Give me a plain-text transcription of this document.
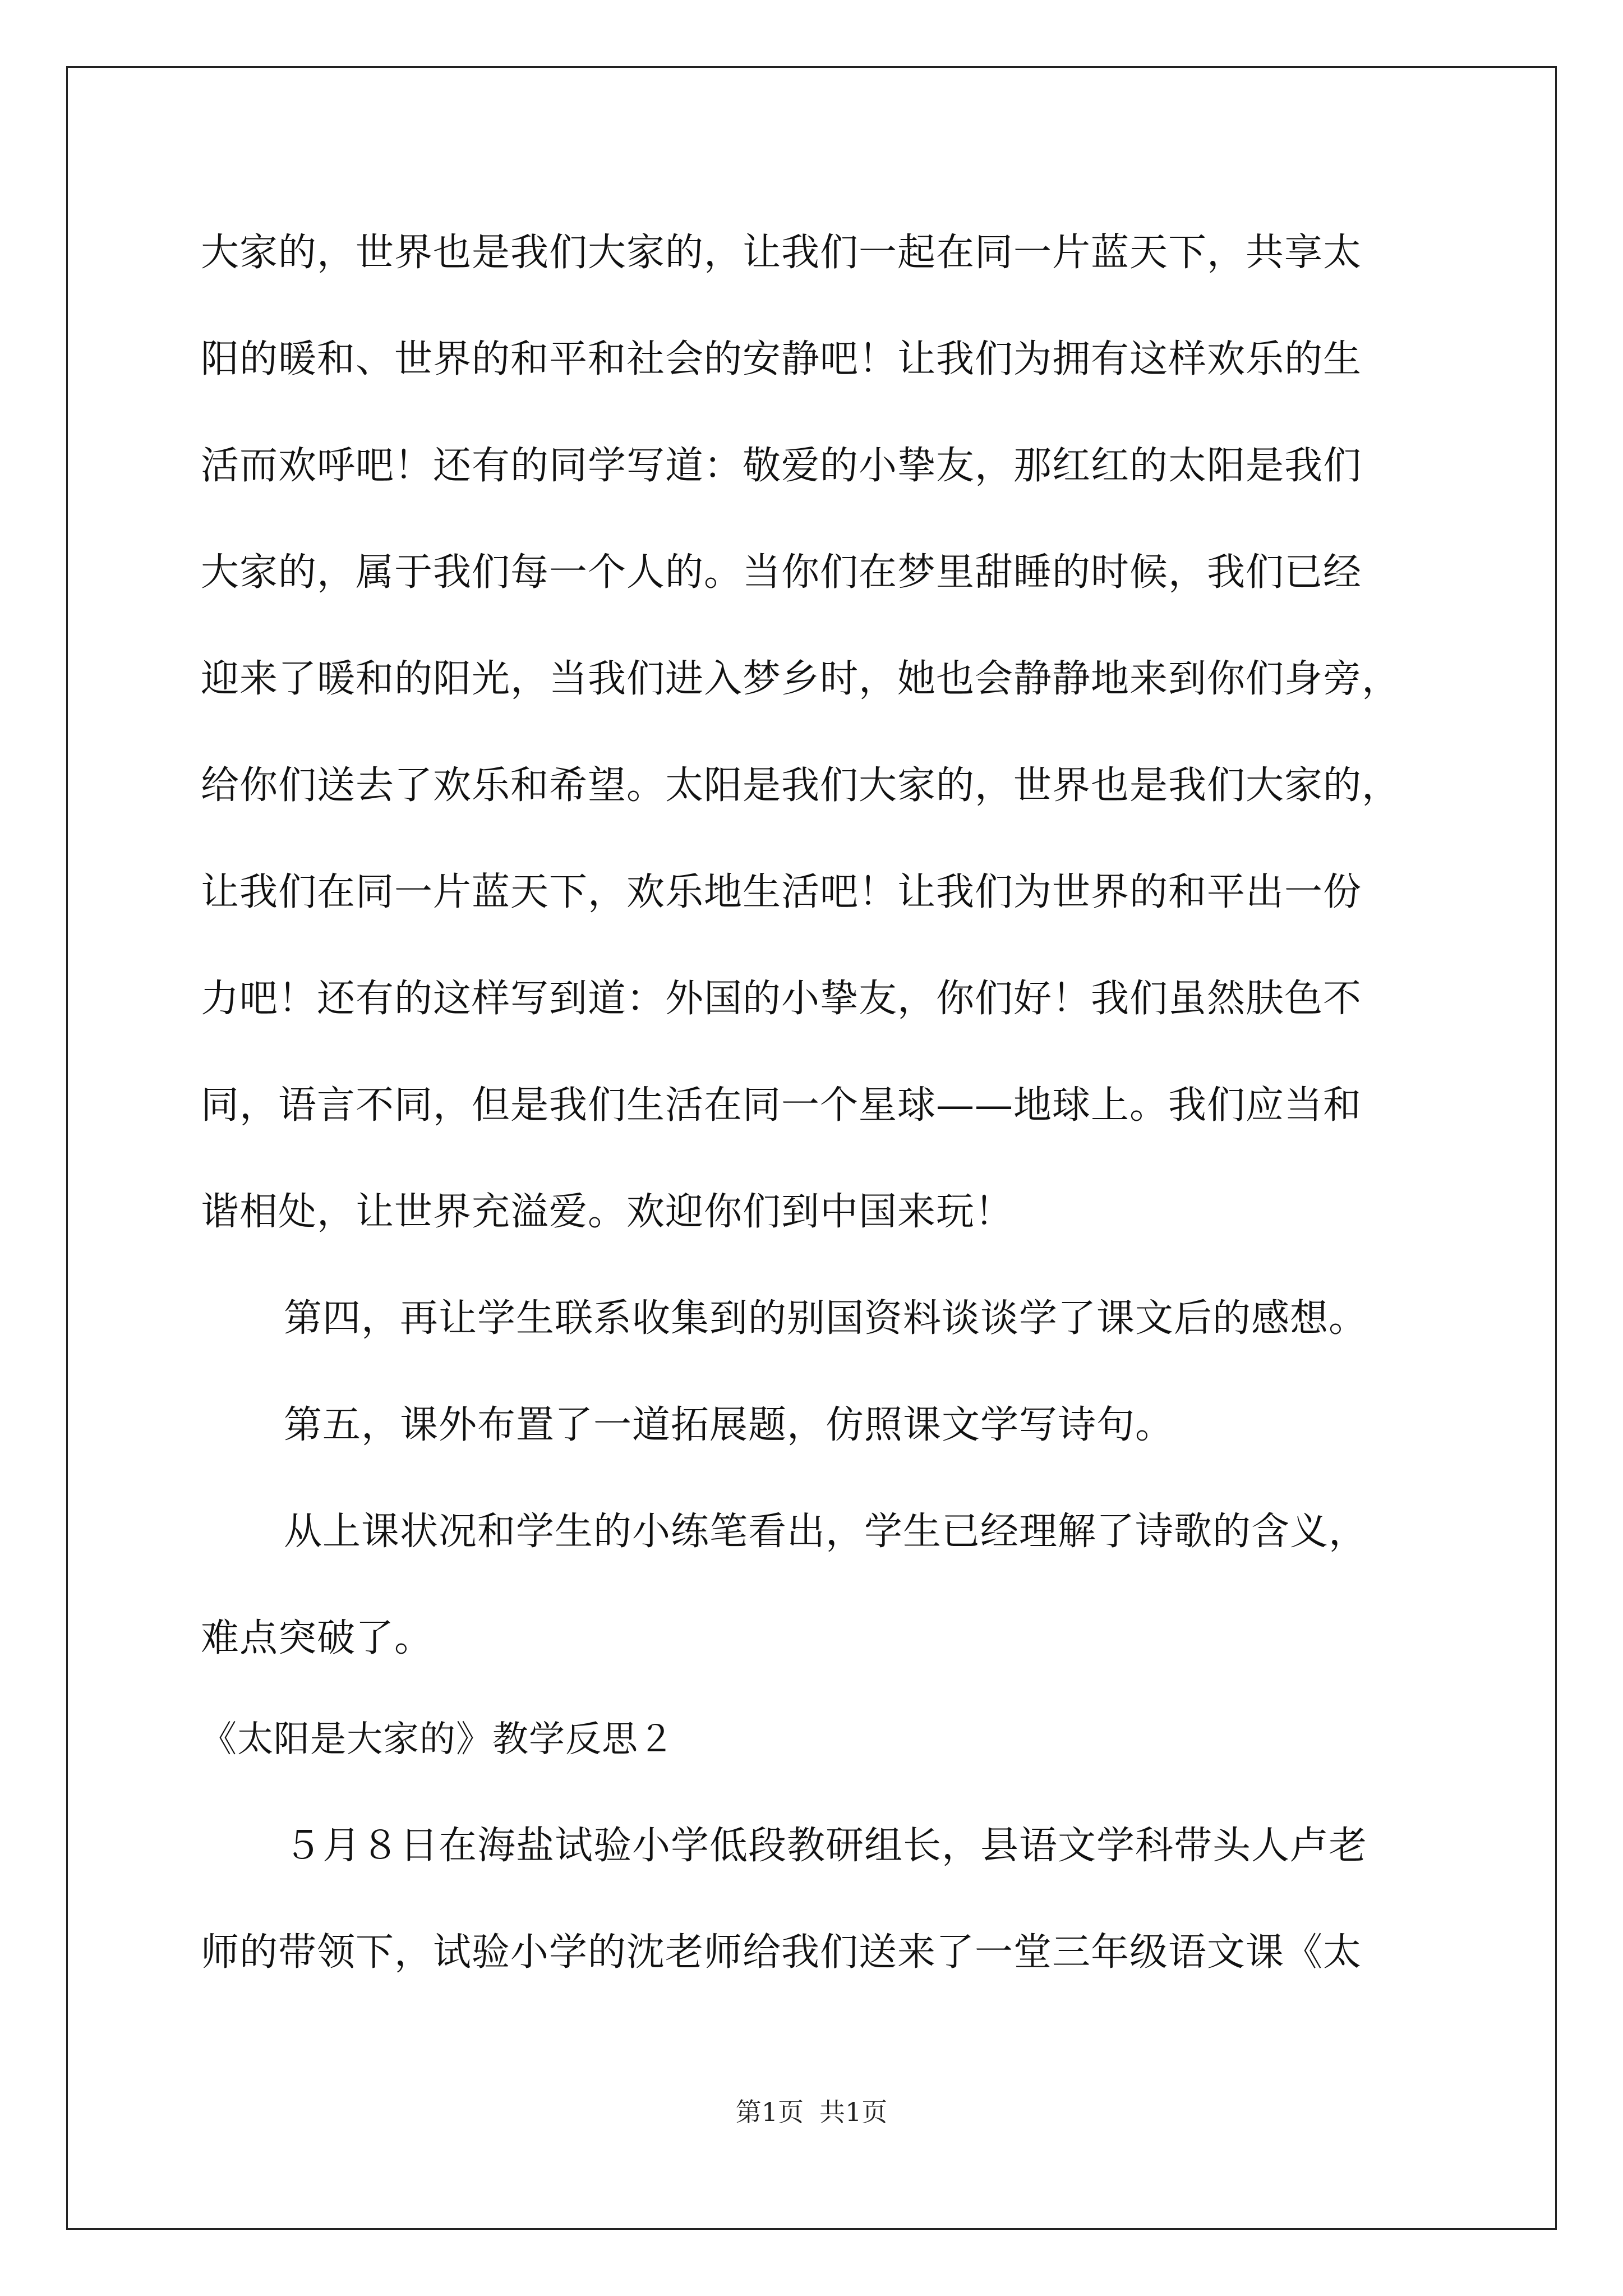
大家的，世界也是我们大家的，让我们一起在同一片蓝天下，共享太
阳的暖和、世界的和平和社会的安静吧！让我们为拥有这样欢乐的生
活而欢呼吧！还有的同学写道：敬爱的小挚友，那红红的太阳是我们
大家的，属于我们每一个人的。当你们在梦里甜睡的时候，我们已经
迎来了暖和的阳光，当我们进入梦乡时，她也会静静地来到你们身旁，
给你们送去了欢乐和希望。太阳是我们大家的，世界也是我们大家的，
让我们在同一片蓝天下，欢乐地生活吧！让我们为世界的和平出一份
力吧！还有的这样写到道：外国的小挚友，你们好！我们虽然肤色不
同，语言不同，但是我们生活在同一个星球——地球上。我们应当和
谐相处，让世界充溢爱。欢迎你们到中国来玩！
第四，再让学生联系收集到的别国资料谈谈学了课文后的感想。
第五，课外布置了一道拓展题，仿照课文学写诗句。
从上课状况和学生的小练笔看出，学生已经理解了诗歌的含义，
难点突破了。
《太阳是大家的》教学反思２
５月８日在海盐试验小学低段教研组长，县语文学科带头人卢老
师的带领下，试验小学的沈老师给我们送来了一堂三年级语文课《太
第1页 共1页
